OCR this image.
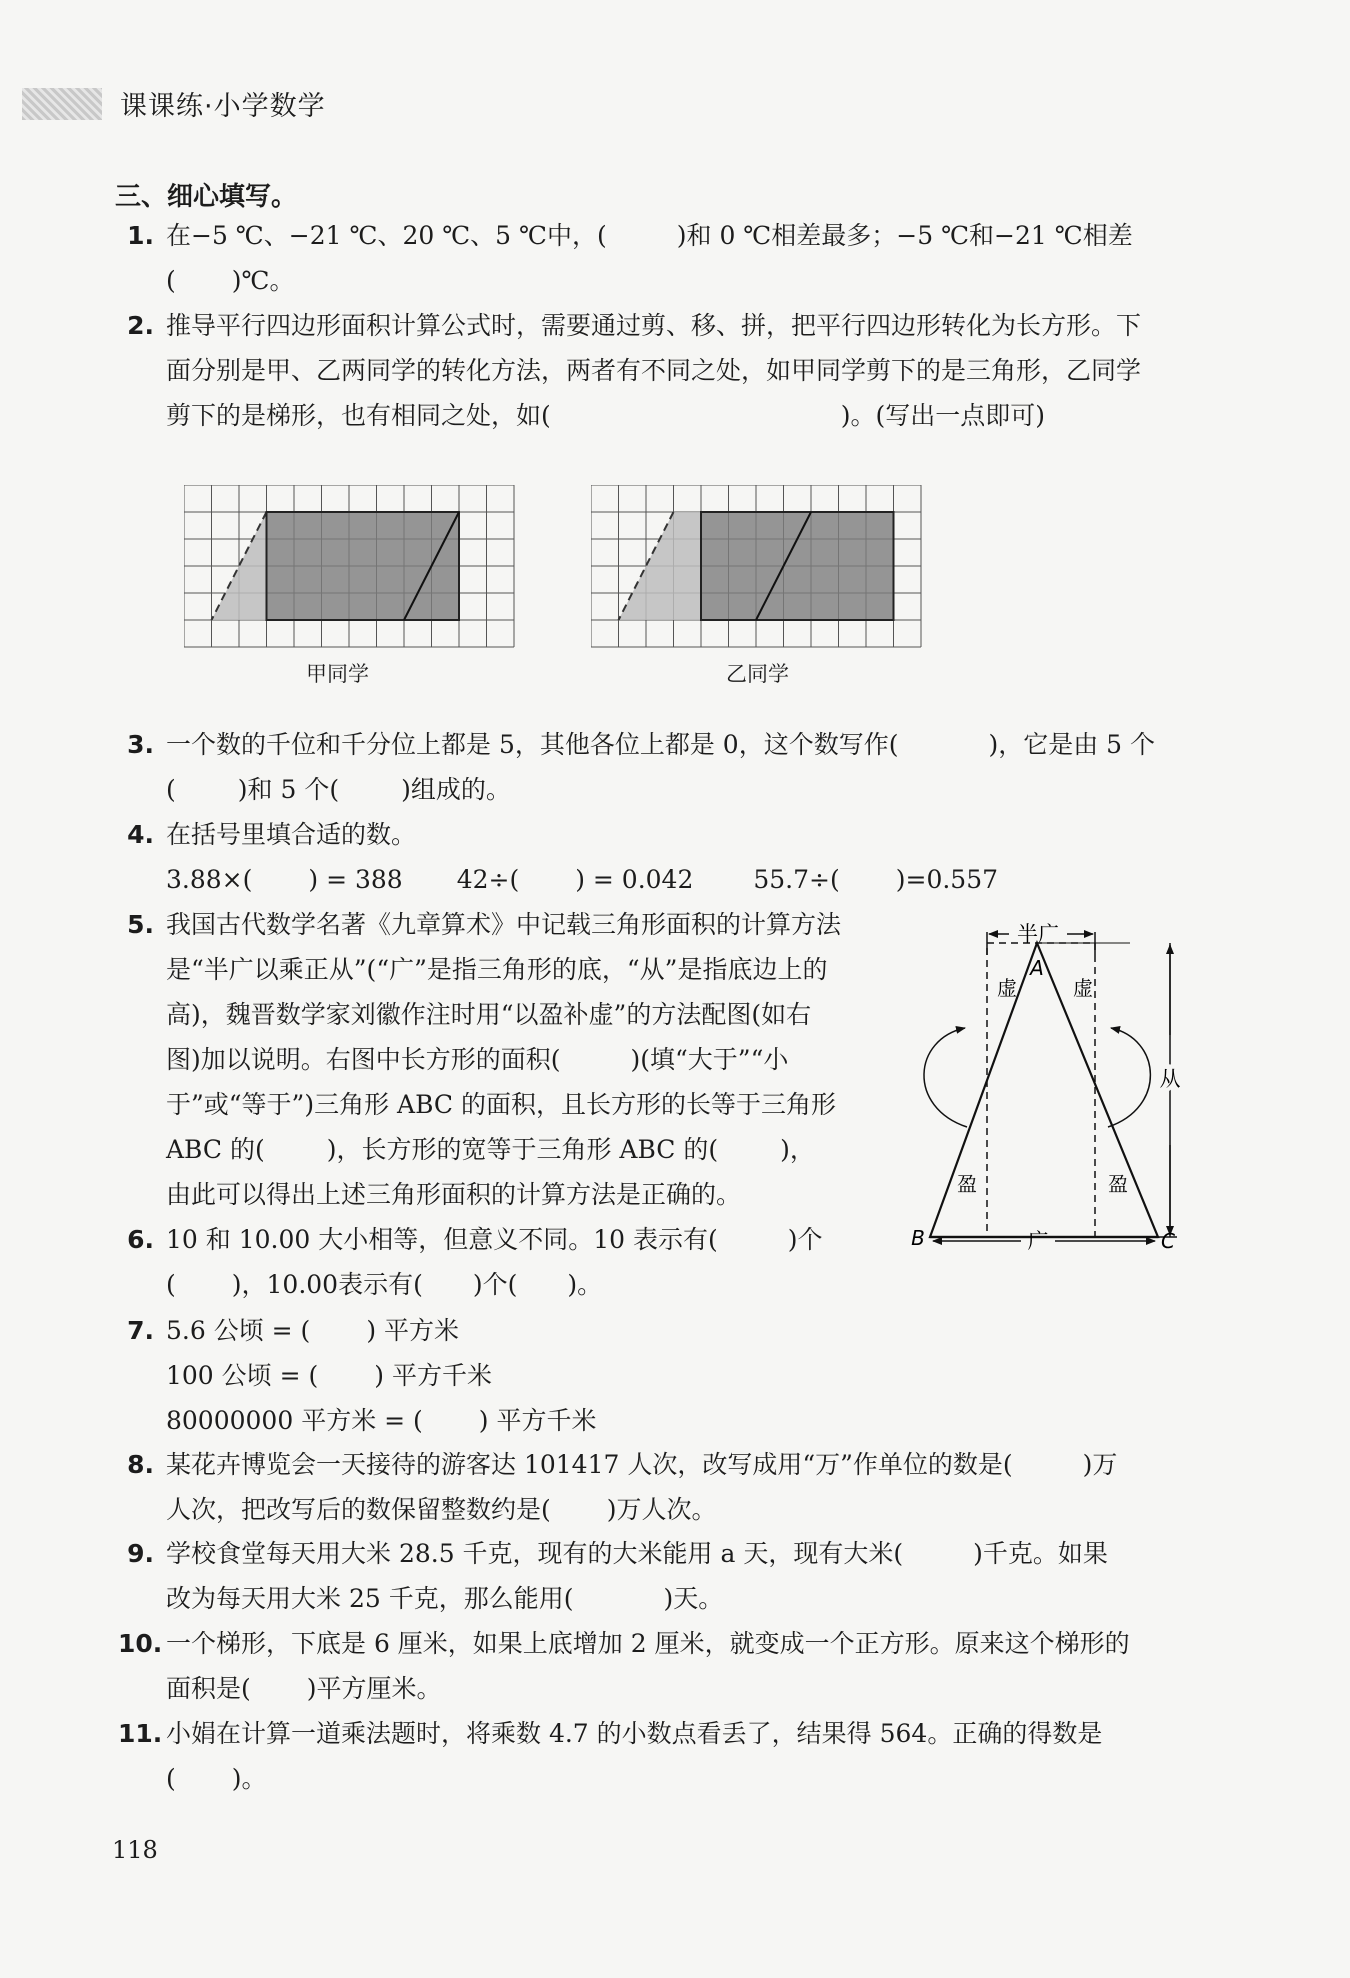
课课练·小学数学
三、细心填写。
1. 在−5 ℃、−21 ℃、20 ℃、5 ℃中，(	)和 0 ℃相差最多；−5 ℃和−21 ℃相差
( )℃。
2. 推导平行四边形面积计算公式时，需要通过剪、移、拼，把平行四边形转化为长方形。下
面分别是甲、乙两同学的转化方法，两者有不同之处，如甲同学剪下的是三角形，乙同学
剪下的是梯形，也有相同之处，如(	)。(写出一点即可)
甲同学	乙同学
3. 一个数的千位和千分位上都是 5，其他各位上都是 0，这个数写作(	)，它是由 5 个
( )和 5 个( )组成的。
4. 在括号里填合适的数。
3.88×( ) = 388 42÷( ) = 0.042 55.7÷( )=0.557
5. 我国古代数学名著《九章算术》中记载三角形面积的计算方法
是“半广以乘正从”(“广”是指三角形的底，“从”是指底边上的
高)，魏晋数学家刘徽作注时用“以盈补虚”的方法配图(如右
图)加以说明。右图中长方形的面积(	)(填“大于”“小
于”或“等于”)三角形 ABC 的面积，且长方形的长等于三角形
ABC 的( )，长方形的宽等于三角形 ABC 的( )，
由此可以得出上述三角形面积的计算方法是正确的。
半广
广
从
虚	虚
盈	盈
A
B	C
6. 10 和 10.00 大小相等，但意义不同。10 表示有(	)个
( )，10.00表示有( )个( )。
7. 5.6 公顷 = ( ) 平方米
100 公顷 = ( ) 平方千米
80000000 平方米 = ( ) 平方千米
8. 某花卉博览会一天接待的游客达 101417 人次，改写成用“万”作单位的数是(	)万
人次，把改写后的数保留整数约是( )万人次。
9. 学校食堂每天用大米 28.5 千克，现有的大米能用 a 天，现有大米(	)千克。如果
改为每天用大米 25 千克，那么能用(	)天。
10. 一个梯形，下底是 6 厘米，如果上底增加 2 厘米，就变成一个正方形。原来这个梯形的
面积是( )平方厘米。
11. 小娟在计算一道乘法题时，将乘数 4.7 的小数点看丢了，结果得 564。正确的得数是
( )。
118
